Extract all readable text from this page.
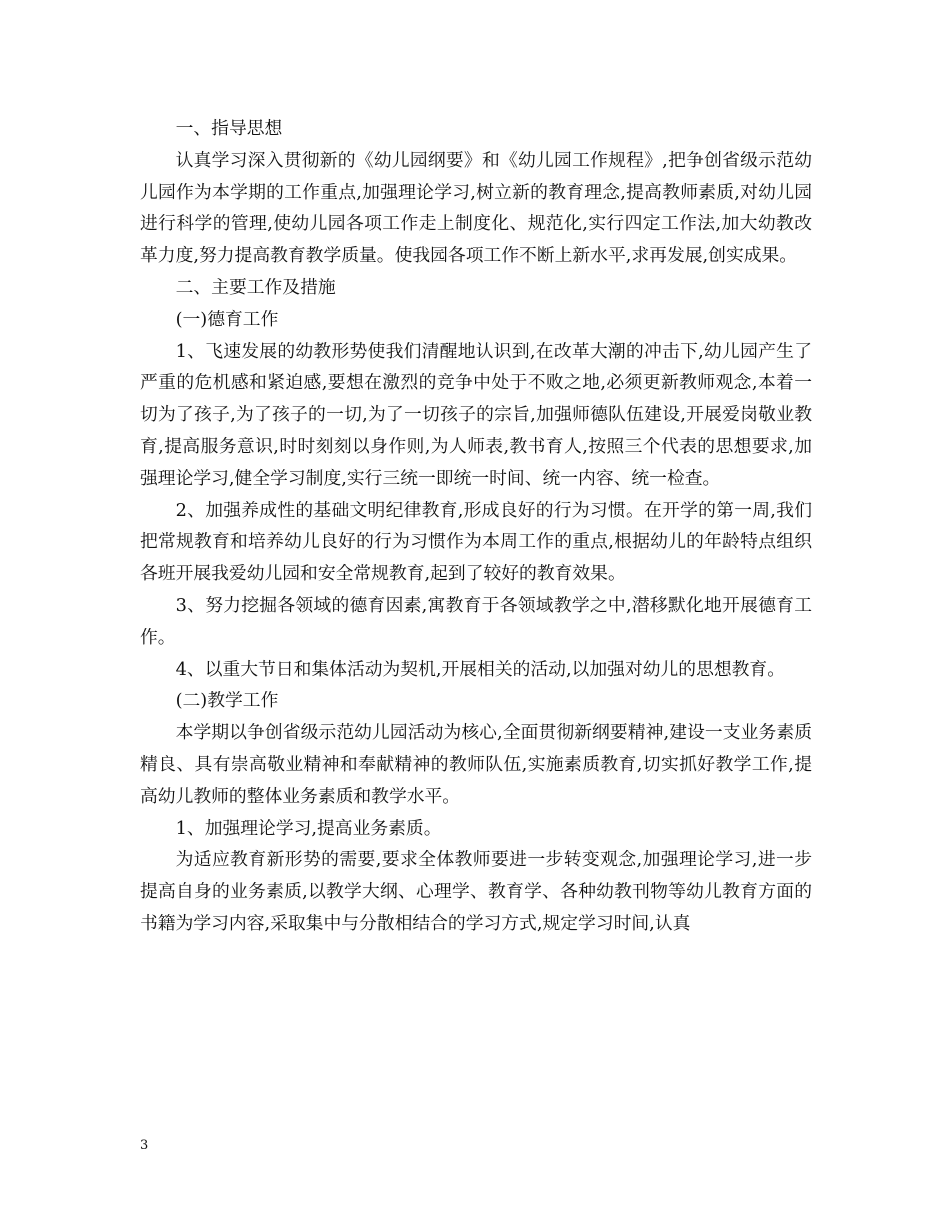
一、指导思想

认真学习深入贯彻新的《幼儿园纲要》和《幼儿园工作规程》,把争创省级示范幼儿园作为本学期的工作重点,加强理论学习,树立新的教育理念,提高教师素质,对幼儿园进行科学的管理,使幼儿园各项工作走上制度化、规范化,实行四定工作法,加大幼教改革力度,努力提高教育教学质量。使我园各项工作不断上新水平,求再发展,创实成果。

二、主要工作及措施

(一)德育工作

1、飞速发展的幼教形势使我们清醒地认识到,在改革大潮的冲击下,幼儿园产生了严重的危机感和紧迫感,要想在激烈的竞争中处于不败之地,必须更新教师观念,本着一切为了孩子,为了孩子的一切,为了一切孩子的宗旨,加强师德队伍建设,开展爱岗敬业教育,提高服务意识,时时刻刻以身作则,为人师表,教书育人,按照三个代表的思想要求,加强理论学习,健全学习制度,实行三统一即统一时间、统一内容、统一检查。

2、加强养成性的基础文明纪律教育,形成良好的行为习惯。在开学的第一周,我们把常规教育和培养幼儿良好的行为习惯作为本周工作的重点,根据幼儿的年龄特点组织各班开展我爱幼儿园和安全常规教育,起到了较好的教育效果。

3、努力挖掘各领域的德育因素,寓教育于各领域教学之中,潜移默化地开展德育工作。

4、以重大节日和集体活动为契机,开展相关的活动,以加强对幼儿的思想教育。

(二)教学工作

本学期以争创省级示范幼儿园活动为核心,全面贯彻新纲要精神,建设一支业务素质精良、具有崇高敬业精神和奉献精神的教师队伍,实施素质教育,切实抓好教学工作,提高幼儿教师的整体业务素质和教学水平。

1、加强理论学习,提高业务素质。

为适应教育新形势的需要,要求全体教师要进一步转变观念,加强理论学习,进一步提高自身的业务素质,以教学大纲、心理学、教育学、各种幼教刊物等幼儿教育方面的书籍为学习内容,采取集中与分散相结合的学习方式,规定学习时间,认真

3
